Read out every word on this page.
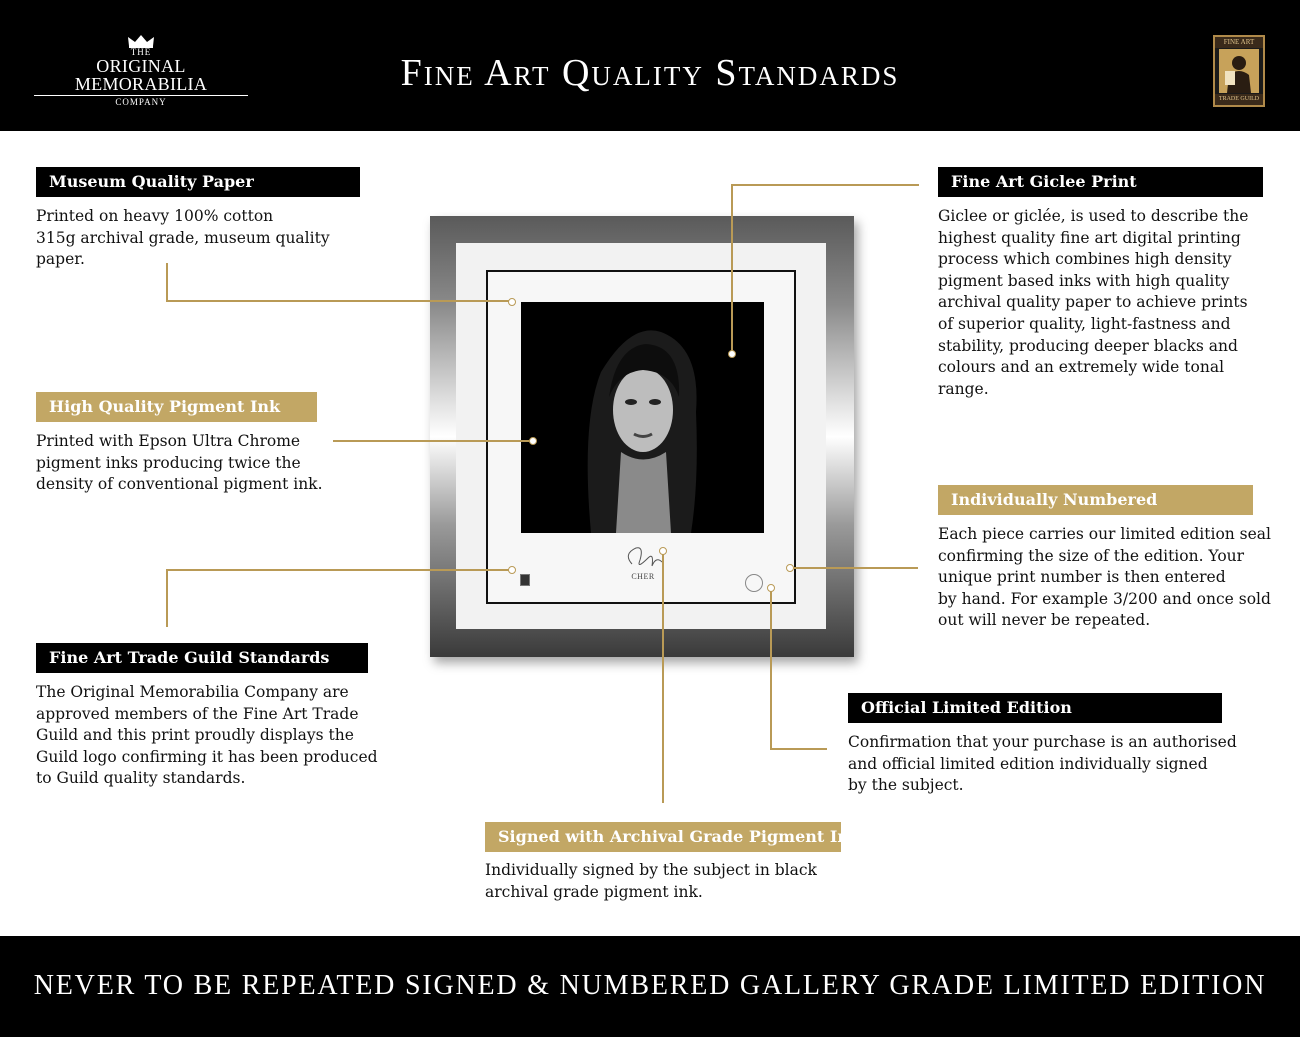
THE
ORIGINAL MEMORABILIA
COMPANY
Fine Art Quality Standards
FINE ART
TRADE GUILD
CHER
Museum Quality Paper
Printed on heavy 100% cotton
315g archival grade, museum quality paper.
High Quality Pigment Ink
Printed with Epson Ultra Chrome
pigment inks producing twice the
density of conventional pigment ink.
Fine Art Trade Guild Standards
The Original Memorabilia Company are
approved members of the Fine Art Trade
Guild and this print proudly displays the
Guild logo confirming it has been produced
to Guild quality standards.
Fine Art Giclee Print
Giclee or giclée, is used to describe the
highest quality fine art digital printing
process which combines high density
pigment based inks with high quality
archival quality paper to achieve prints
of superior quality, light-fastness and
stability, producing deeper blacks and
colours and an extremely wide tonal range.
Individually Numbered
Each piece carries our limited edition seal
confirming the size of the edition. Your
unique print number is then entered
by hand. For example 3/200 and once sold
out will never be repeated.
Official Limited Edition
Confirmation that your purchase is an authorised
and official limited edition individually signed
by the subject.
Signed with Archival Grade Pigment Ink
Individually signed by the subject in black
archival grade pigment ink.
NEVER TO BE REPEATED SIGNED & NUMBERED GALLERY GRADE LIMITED EDITION
